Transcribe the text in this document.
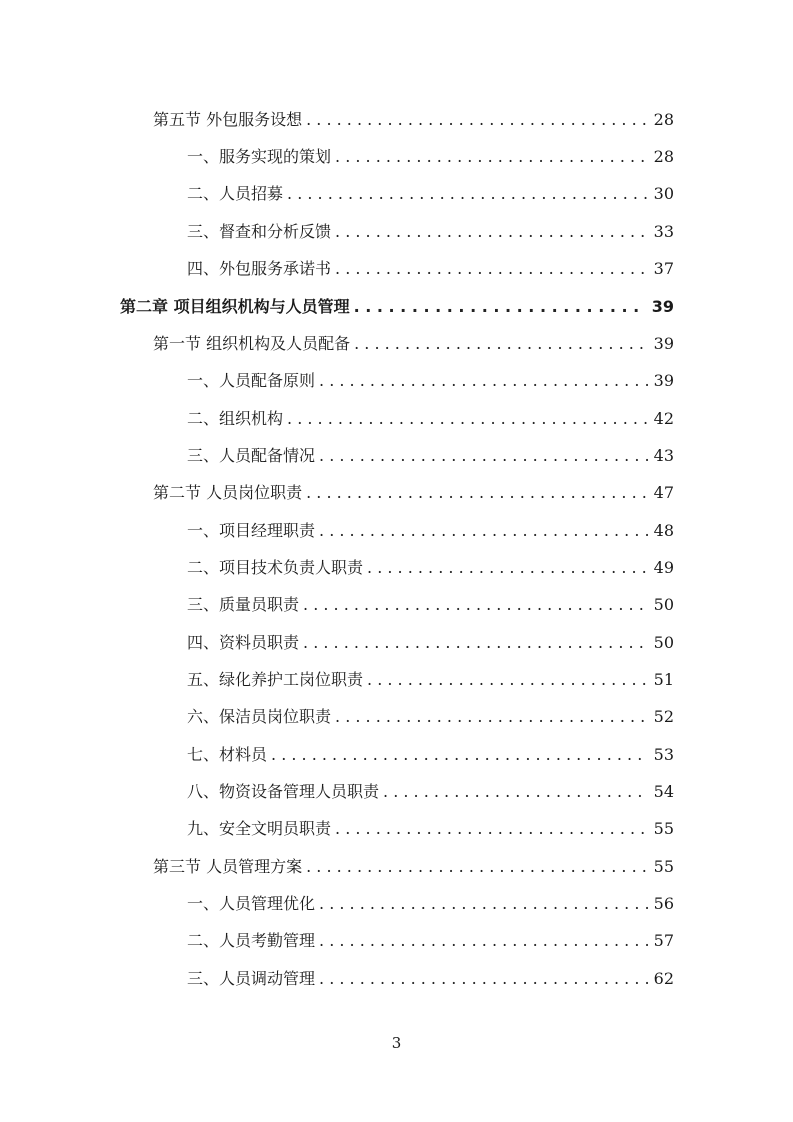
第五节 外包服务设想 . . .	28
一、服务实现的策划 . . .	28
二、人员招募 . . .	30
三、督查和分析反馈 . . .	33
四、外包服务承诺书 . . .	37
第二章 项目组织机构与人员管理 . . .	39
第一节 组织机构及人员配备 . . .	39
一、人员配备原则 . . .	39
二、组织机构 . . .	42
三、人员配备情况 . . .	43
第二节 人员岗位职责 . . .	47
一、项目经理职责 . . .	48
二、项目技术负责人职责 . . .	49
三、质量员职责 . . .	50
四、资料员职责 . . .	50
五、绿化养护工岗位职责 . . .	51
六、保洁员岗位职责 . . .	52
七、材料员 . . .	53
八、物资设备管理人员职责 . . .	54
九、安全文明员职责 . . .	55
第三节 人员管理方案 . . .	55
一、人员管理优化 . . .	56
二、人员考勤管理 . . .	57
三、人员调动管理 . . .	62
3
